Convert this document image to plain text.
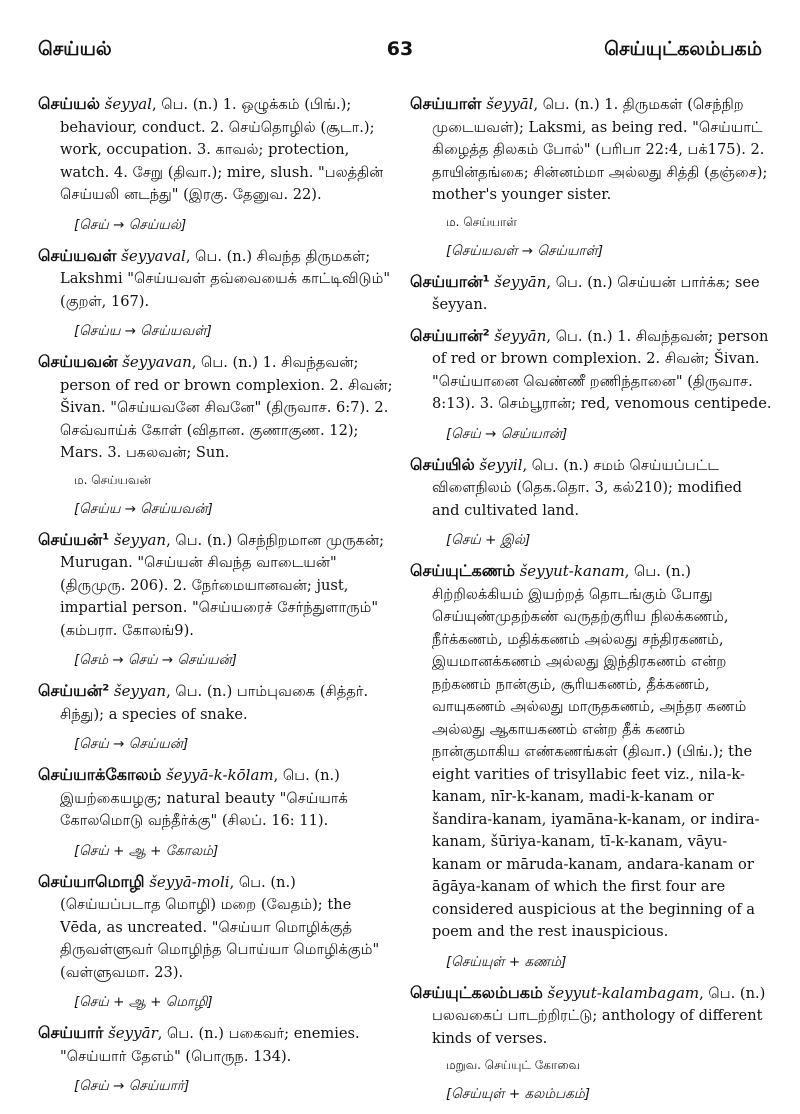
செய்யல்	63	செய்யுட்கலம்பகம்

செய்யல் šeyyal, பெ. (n.) 1. ஒழுக்கம் (பிங்.); behaviour, conduct. 2. செய்தொழில் (சூடா.); work, occupation. 3. காவல்; protection, watch. 4. சேறு (திவா.); mire, slush. "பலத்தின் செய்யலி னடந்து" (இரகு. தேனுவ. 22).

[செய் → செய்யல்]

செய்யவள் šeyyaval, பெ. (n.) சிவந்த திருமகள்; Lakshmi "செய்யவள் தவ்வையைக் காட்டிவிடும்" (குறள், 167).

[செய்ய → செய்யவள்]

செய்யவன் šeyyavan, பெ. (n.) 1. சிவந்தவன்; person of red or brown complexion. 2. சிவன்; Šivan. "செய்யவனே சிவனே" (திருவாச. 6:7). 2. செவ்வாய்க் கோள் (விதான. குணாகுண. 12); Mars. 3. பகலவன்; Sun.

ம. செய்யவன்
[செய்ய → செய்யவன்]

செய்யன்¹ šeyyan, பெ. (n.) செந்நிறமான முருகன்; Murugan. "செய்யன் சிவந்த வாடையன்" (திருமுரு. 206). 2. நேர்மையானவன்; just, impartial person. "செய்யரைச் சேர்ந்துளாரும்" (கம்பரா. கோலங்9).

[செம் → செய் → செய்யன்]

செய்யன்² šeyyan, பெ. (n.) பாம்புவகை (சித்தர். சிந்து); a species of snake.

[செய் → செய்யன்]

செய்யாக்கோலம் šeyyā-k-kōlam, பெ. (n.) இயற்கையழகு; natural beauty "செய்யாக் கோலமொடு வந்தீர்க்கு" (சிலப். 16: 11).

[செய் + ஆ + கோலம்]

செய்யாமொழி šeyyā-moli, பெ. (n.) (செய்யப்படாத மொழி) மறை (வேதம்); the Vēda, as uncreated. "செய்யா மொழிக்குத் திருவள்ளுவர் மொழிந்த பொய்யா மொழிக்கும்" (வள்ளுவமா. 23).

[செய் + ஆ + மொழி]

செய்யார் šeyyār, பெ. (n.) பகைவர்; enemies. "செய்யார் தேஎம்" (பொருந. 134).

[செய் → செய்யார்]

செய்யாள் šeyyāl, பெ. (n.) 1. திருமகள் (செந்நிற முடையவள்); Laksmi, as being red. "செய்யாட் கிழைத்த திலகம் போல்" (பரிபா 22:4, பக்175). 2. தாயின்தங்கை; சின்னம்மா அல்லது சித்தி (தஞ்சை); mother's younger sister.

ம. செய்யாள்
[செய்யவள் → செய்யாள்]

செய்யான்¹ šeyyān, பெ. (n.) செய்யன் பார்க்க; see šeyyan.

செய்யான்² šeyyān, பெ. (n.) 1. சிவந்தவன்; person of red or brown complexion. 2. சிவன்; Šivan. "செய்யானை வெண்ணீ றணிந்தானை" (திருவாச. 8:13). 3. செம்பூரான்; red, venomous centipede.

[செய் → செய்யான்]

செய்யில் šeyyil, பெ. (n.) சமம் செய்யப்பட்ட விளைநிலம் (தெக.தொ. 3, கல்210); modified and cultivated land.

[செய் + இல்]

செய்யுட்கணம் šeyyut-kanam, பெ. (n.) சிற்றிலக்கியம் இயற்றத் தொடங்கும் போது செய்யுண்முதற்கண் வருதற்குரிய நிலக்கணம், நீர்க்கணம், மதிக்கணம் அல்லது சந்திரகணம், இயமானக்கணம் அல்லது இந்திரகணம் என்ற நற்கணம் நான்கும், சூரியகணம், தீக்கணம், வாயுகணம் அல்லது மாருதகணம், அந்தர கணம் அல்லது ஆகாயகணம் என்ற தீக் கணம் நான்குமாகிய எண்கணங்கள் (திவா.) (பிங்.); the eight varities of trisyllabic feet viz., nila-k-kanam, nīr-k-kanam, madi-k-kanam or šandira-kanam, iyamāna-k-kanam, or indira-kanam, šūriya-kanam, tī-k-kanam, vāyu-kanam or māruda-kanam, andara-kanam or āgāya-kanam of which the first four are considered auspicious at the beginning of a poem and the rest inauspicious.

[செய்யுள் + கணம்]

செய்யுட்கலம்பகம் šeyyut-kalambagam, பெ. (n.) பலவகைப் பாடற்றிரட்டு; anthology of different kinds of verses.

மறுவ. செய்யுட் கோவை
[செய்யுள் + கலம்பகம்]
